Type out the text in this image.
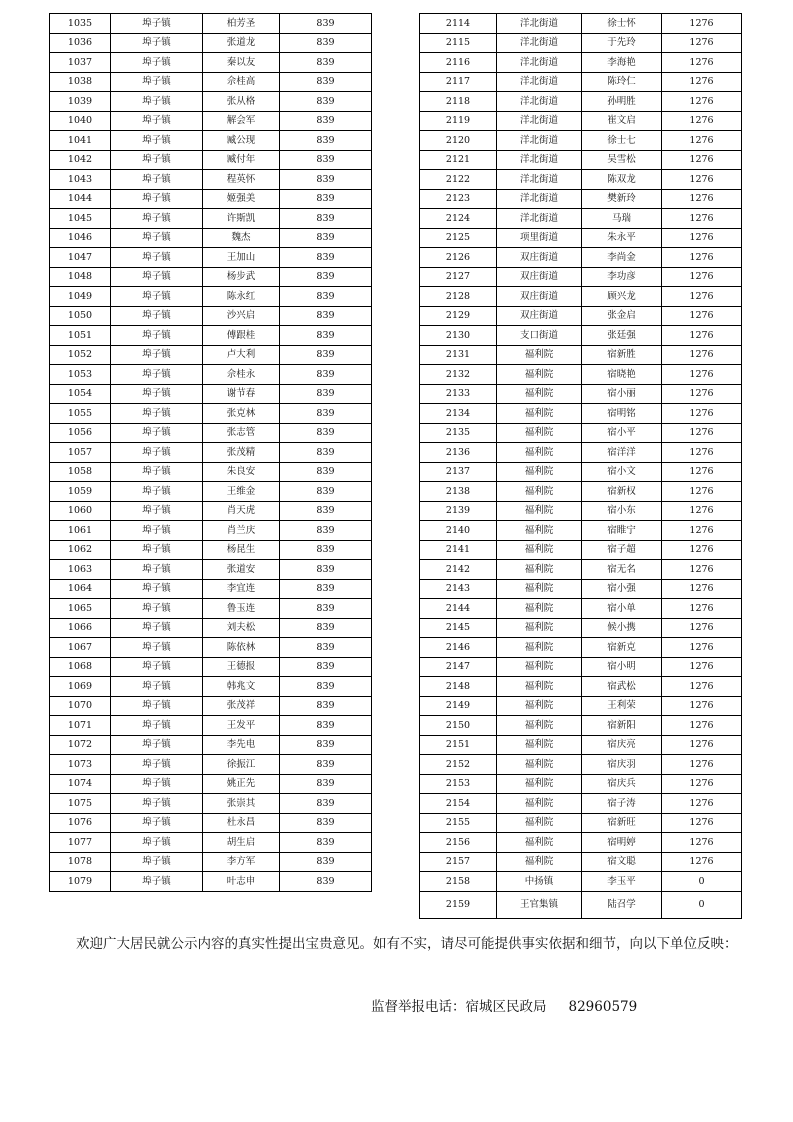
1035	埠子镇	柏芳圣	839
1036	埠子镇	张道龙	839
1037	埠子镇	秦以友	839
1038	埠子镇	佘桂高	839
1039	埠子镇	张从格	839
1040	埠子镇	解会军	839
1041	埠子镇	臧公现	839
1042	埠子镇	臧付年	839
1043	埠子镇	程英怀	839
1044	埠子镇	姬强美	839
1045	埠子镇	许斯凯	839
1046	埠子镇	魏杰	839
1047	埠子镇	王加山	839
1048	埠子镇	杨步武	839
1049	埠子镇	陈永红	839
1050	埠子镇	沙兴启	839
1051	埠子镇	傅跟桂	839
1052	埠子镇	卢大利	839
1053	埠子镇	佘桂永	839
1054	埠子镇	谢节春	839
1055	埠子镇	张克林	839
1056	埠子镇	张志管	839
1057	埠子镇	张茂精	839
1058	埠子镇	朱良安	839
1059	埠子镇	王维金	839
1060	埠子镇	肖天虎	839
1061	埠子镇	肖兰庆	839
1062	埠子镇	杨昆生	839
1063	埠子镇	张道安	839
1064	埠子镇	李宜连	839
1065	埠子镇	鲁玉连	839
1066	埠子镇	刘夫松	839
1067	埠子镇	陈依林	839
1068	埠子镇	王德报	839
1069	埠子镇	韩兆文	839
1070	埠子镇	张茂祥	839
1071	埠子镇	王发平	839
1072	埠子镇	李先电	839
1073	埠子镇	徐振江	839
1074	埠子镇	姚正先	839
1075	埠子镇	张崇其	839
1076	埠子镇	杜永昌	839
1077	埠子镇	胡生启	839
1078	埠子镇	李方军	839
1079	埠子镇	叶志申	839
2114	洋北街道	徐士怀	1276
2115	洋北街道	于先玲	1276
2116	洋北街道	李海艳	1276
2117	洋北街道	陈玲仁	1276
2118	洋北街道	孙明胜	1276
2119	洋北街道	崔文启	1276
2120	洋北街道	徐士七	1276
2121	洋北街道	吴雪松	1276
2122	洋北街道	陈双龙	1276
2123	洋北街道	樊新玲	1276
2124	洋北街道	马瑞	1276
2125	项里街道	朱永平	1276
2126	双庄街道	李尚金	1276
2127	双庄街道	李功彦	1276
2128	双庄街道	顾兴龙	1276
2129	双庄街道	张金启	1276
2130	支口街道	张廷强	1276
2131	福利院	宿新胜	1276
2132	福利院	宿晓艳	1276
2133	福利院	宿小丽	1276
2134	福利院	宿明铭	1276
2135	福利院	宿小平	1276
2136	福利院	宿洋洋	1276
2137	福利院	宿小文	1276
2138	福利院	宿新权	1276
2139	福利院	宿小东	1276
2140	福利院	宿睢宁	1276
2141	福利院	宿子超	1276
2142	福利院	宿无名	1276
2143	福利院	宿小强	1276
2144	福利院	宿小单	1276
2145	福利院	候小携	1276
2146	福利院	宿新克	1276
2147	福利院	宿小明	1276
2148	福利院	宿武松	1276
2149	福利院	王利荣	1276
2150	福利院	宿新阳	1276
2151	福利院	宿庆亮	1276
2152	福利院	宿庆羽	1276
2153	福利院	宿庆兵	1276
2154	福利院	宿子涛	1276
2155	福利院	宿新旺	1276
2156	福利院	宿明婷	1276
2157	福利院	宿文聪	1276
2158	中扬镇	李玉平	0
2159	王官集镇	陆召学	0

欢迎广大居民就公示内容的真实性提出宝贵意见。如有不实，请尽可能提供事实依据和细节，向以下单位反映：

监督举报电话：宿城区民政局 82960579
